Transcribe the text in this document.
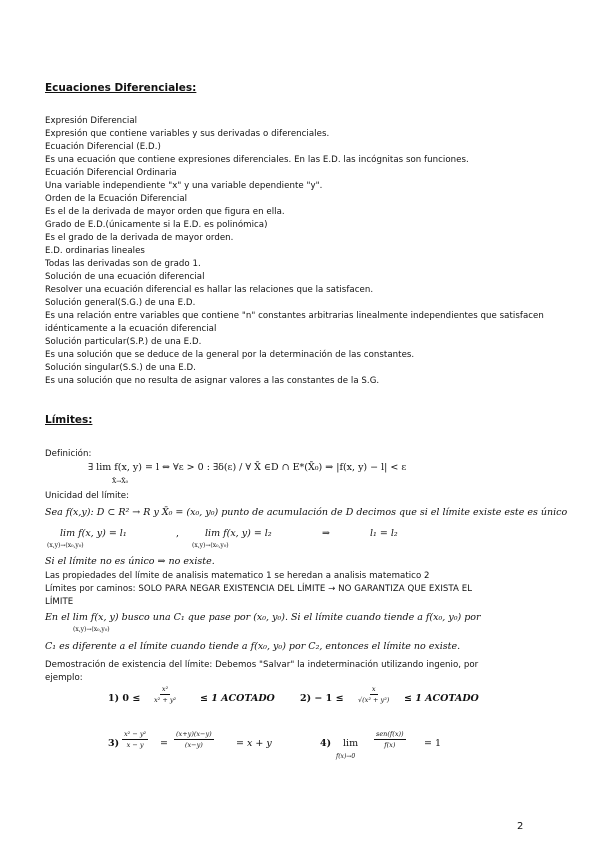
Ecuaciones Diferenciales:
Expresión Diferencial
Expresión que contiene variables y sus derivadas o diferenciales.
Ecuación Diferencial (E.D.)
Es una ecuación que contiene expresiones diferenciales. En las E.D. las incógnitas son funciones.
Ecuación Diferencial Ordinaria
Una variable independiente "x" y una variable dependiente "y".
Orden de la Ecuación Diferencial
Es el de la derivada de mayor orden que figura en ella.
Grado de E.D.(únicamente si la E.D. es polinómica)
Es el grado de la derivada de mayor orden.
E.D. ordinarias lineales
Todas las derivadas son de grado 1.
Solución de una ecuación diferencial
Resolver una ecuación diferencial es hallar las relaciones que la satisfacen.
Solución general(S.G.) de una E.D.
Es una relación entre variables que contiene "n" constantes arbitrarias linealmente independientes que satisfacen
idénticamente a la ecuación diferencial
Solución particular(S.P.) de una E.D.
Es una solución que se deduce de la general por la determinación de las constantes.
Solución singular(S.S.) de una E.D.
Es una solución que no resulta de asignar valores a las constantes de la S.G.
Límites:
Definición:
∃ lim f(x, y) = l ⇔ ∀ε > 0 : ∃δ(ε) / ∀ X̄ ∈D ∩ E*(X̄₀) ⇒ |f(x, y) − l| < ε
X̄→X̄₀
Unicidad del límite:
Sea f(x,y): D ⊂ R² → R y X̄₀ = (x₀, y₀) punto de acumulación de D decimos que si el límite existe este es único
lim f(x, y) = l₁
(x,y)→(x₀,y₀)
,	lim f(x, y) = l₂
(x,y)→(x₀,y₀)
⇒	l₁ = l₂
Si el límite no es único ⇒ no existe.
Las propiedades del límite de analisis matematico 1 se heredan a analisis matematico 2
Límites por caminos: SOLO PARA NEGAR EXISTENCIA DEL LÍMITE → NO GARANTIZA QUE EXISTA EL
LÍMITE
En el lim f(x, y) busco una C₁ que pase por (x₀, y₀). Si el límite cuando tiende a f(x₀, y₀) por
(x,y)→(x₀,y₀)
C₁ es diferente a el límite cuando tiende a f(x₀, y₀) por C₂, entonces el límite no existe.
Demostración de existencia del límite: Debemos "Salvar" la indeterminación utilizando ingenio, por
ejemplo:
1) $0 \le \frac{\text{x²}}{\text{x² + y²}} \le 1$ ACOTADO	$2) - 1 \le \frac{x}{\text{√(x² + y²)}} \le 1$ ACOTADO
$3) \frac{\text{x² − y²}}{x - y} = \frac{(x+y)(x-y)}{(x-y)} = x + y$	4) lim
f(x)→0
sen(f(x))
f(x)	= 1
2
